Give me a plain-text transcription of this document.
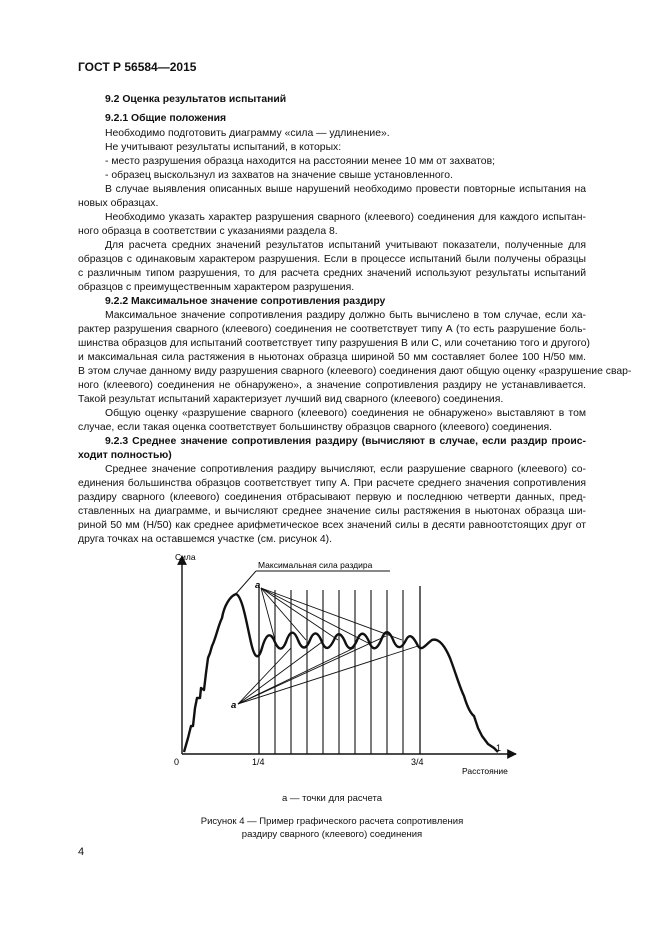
ГОСТ Р 56584—2015
9.2 Оценка результатов испытаний
9.2.1 Общие положения
Необходимо подготовить диаграмму «сила — удлинение».
Не учитывают результаты испытаний, в которых:
- место разрушения образца находится на расстоянии менее 10 мм от захватов;
- образец выскользнул из захватов на значение свыше установленного.
В случае выявления описанных выше нарушений необходимо провести повторные испытания на
новых образцах.
Необходимо указать характер разрушения сварного (клеевого) соединения для каждого испытан-
ного образца в соответствии с указаниями раздела 8.
Для расчета средних значений результатов испытаний учитывают показатели, полученные для
образцов с одинаковым характером разрушения. Если в процессе испытаний были получены образцы
с различным типом разрушения, то для расчета средних значений используют результаты испытаний
образцов с преимущественным характером разрушения.
9.2.2 Максимальное значение сопротивления раздиру
Максимальное значение сопротивления раздиру должно быть вычислено в том случае, если ха-
рактер разрушения сварного (клеевого) соединения не соответствует типу А (то есть разрушение боль-
шинства образцов для испытаний соответствует типу разрушения В или С, или сочетанию того и другого)
и максимальная сила растяжения в ньютонах образца шириной 50 мм составляет более 100 Н/50 мм.
В этом случае данному виду разрушения сварного (клеевого) соединения дают общую оценку «разрушение свар-
ного (клеевого) соединения не обнаружено», а значение сопротивления раздиру не устанавливается.
Такой результат испытаний характеризует лучший вид сварного (клеевого) соединения.
Общую оценку «разрушение сварного (клеевого) соединения не обнаружено» выставляют в том
случае, если такая оценка соответствует большинству образцов сварного (клеевого) соединения.
9.2.3 Среднее значение сопротивления раздиру (вычисляют в случае, если раздир проис-
ходит полностью)
Среднее значение сопротивления раздиру вычисляют, если разрушение сварного (клеевого) со-
единения большинства образцов соответствует типу А. При расчете среднего значения сопротивления
раздиру сварного (клеевого) соединения отбрасывают первую и последнюю четверти данных, пред-
ставленных на диаграмме, и вычисляют среднее значение силы растяжения в ньютонах образца ши-
риной 50 мм (Н/50) как среднее арифметическое всех значений силы в десяти равноотстоящих друг от
друга точках на оставшемся участке (см. рисунок 4).
Сила
Расстояние
0	1/4	3/4
1
Максимальная сила раздира
a
a
a — точки для расчета
Рисунок 4 — Пример графического расчета сопротивления
раздиру сварного (клеевого) соединения
4
